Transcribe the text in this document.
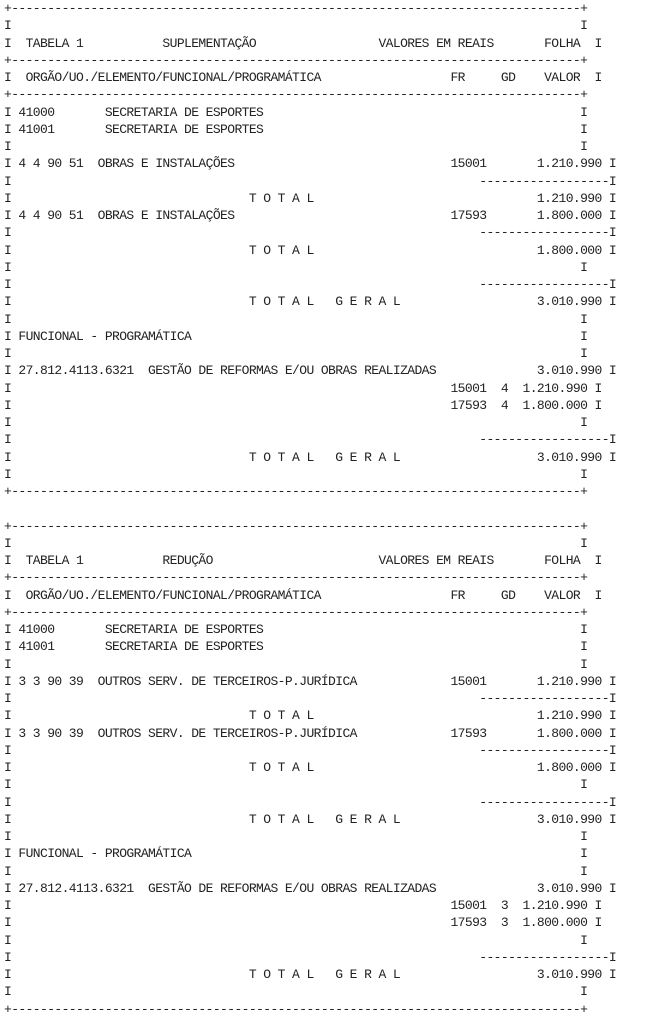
+-------------------------------------------------------------------------------+
I                                                                               I
I  TABELA 1           SUPLEMENTAÇÃO                 VALORES EM REAIS       FOLHA  I
+-------------------------------------------------------------------------------+
I  ORGÃO/UO./ELEMENTO/FUNCIONAL/PROGRAMÁTICA                  FR     GD    VALOR  I
+-------------------------------------------------------------------------------+
I 41000       SECRETARIA DE ESPORTES                                            I
I 41001       SECRETARIA DE ESPORTES                                            I
I                                                                               I
I 4 4 90 51  OBRAS E INSTALAÇÕES                              15001       1.210.990 I
I                                                                 ------------------I
I                                 T O T A L                               1.210.990 I
I 4 4 90 51  OBRAS E INSTALAÇÕES                              17593       1.800.000 I
I                                                                 ------------------I
I                                 T O T A L                               1.800.000 I
I                                                                               I
I                                                                 ------------------I
I                                 T O T A L   G E R A L                   3.010.990 I
I                                                                               I
I FUNCIONAL - PROGRAMÁTICA                                                      I
I                                                                               I
I 27.812.4113.6321  GESTÃO DE REFORMAS E/OU OBRAS REALIZADAS              3.010.990 I
I                                                             15001  4  1.210.990 I
I                                                             17593  4  1.800.000 I
I                                                                               I
I                                                                 ------------------I
I                                 T O T A L   G E R A L                   3.010.990 I
I                                                                               I
+-------------------------------------------------------------------------------+
+-------------------------------------------------------------------------------+
I                                                                               I
I  TABELA 1           REDUÇÃO                       VALORES EM REAIS       FOLHA  I
+-------------------------------------------------------------------------------+
I  ORGÃO/UO./ELEMENTO/FUNCIONAL/PROGRAMÁTICA                  FR     GD    VALOR  I
+-------------------------------------------------------------------------------+
I 41000       SECRETARIA DE ESPORTES                                            I
I 41001       SECRETARIA DE ESPORTES                                            I
I                                                                               I
I 3 3 90 39  OUTROS SERV. DE TERCEIROS-P.JURÍDICA             15001       1.210.990 I
I                                                                 ------------------I
I                                 T O T A L                               1.210.990 I
I 3 3 90 39  OUTROS SERV. DE TERCEIROS-P.JURÍDICA             17593       1.800.000 I
I                                                                 ------------------I
I                                 T O T A L                               1.800.000 I
I                                                                               I
I                                                                 ------------------I
I                                 T O T A L   G E R A L                   3.010.990 I
I                                                                               I
I FUNCIONAL - PROGRAMÁTICA                                                      I
I                                                                               I
I 27.812.4113.6321  GESTÃO DE REFORMAS E/OU OBRAS REALIZADAS              3.010.990 I
I                                                             15001  3  1.210.990 I
I                                                             17593  3  1.800.000 I
I                                                                               I
I                                                                 ------------------I
I                                 T O T A L   G E R A L                   3.010.990 I
I                                                                               I
+-------------------------------------------------------------------------------+
